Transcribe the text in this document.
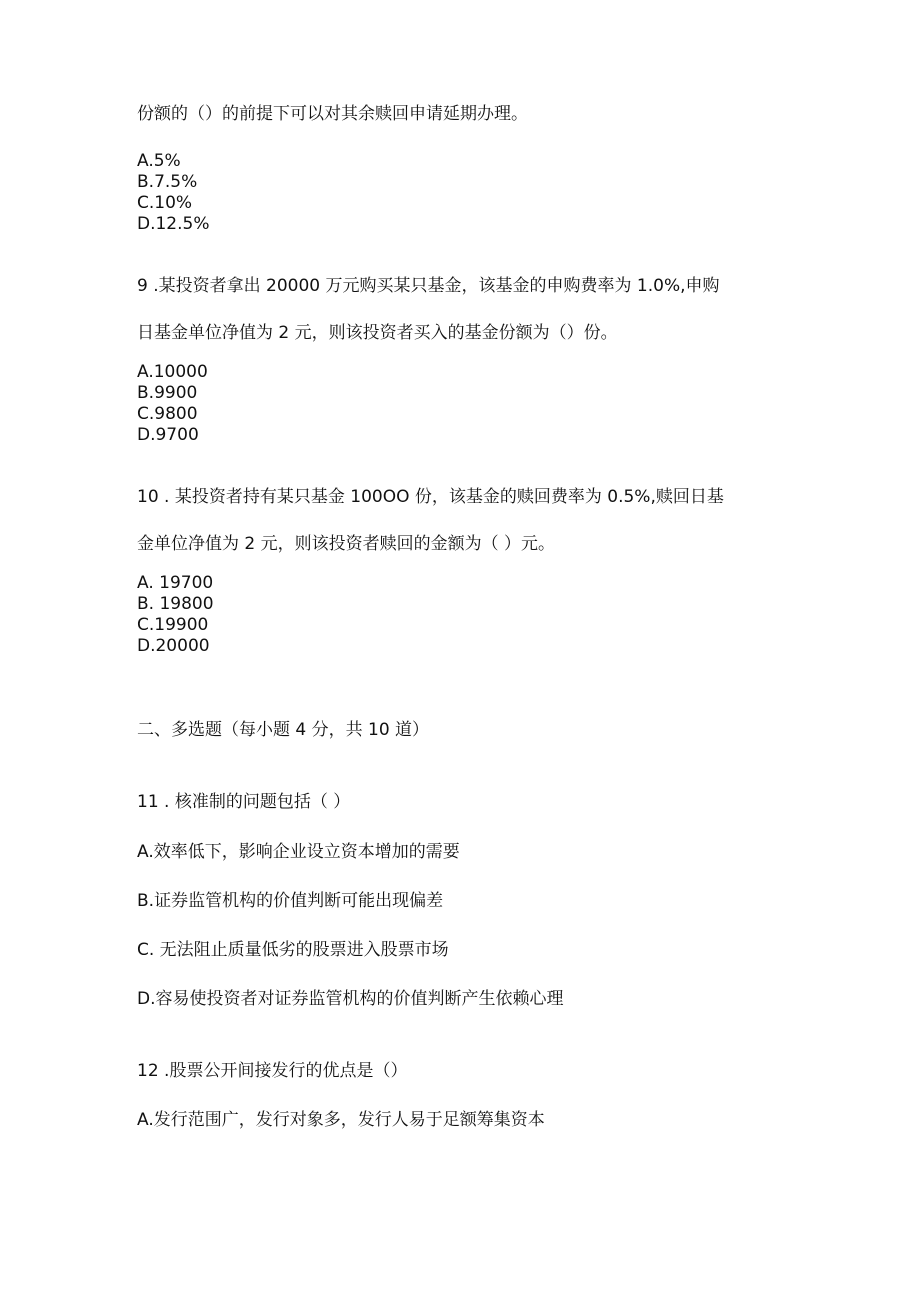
份额的（）的前提下可以对其余赎回申请延期办理。
A.5%
B.7.5%
C.10%
D.12.5%
9 .某投资者拿出 20000 万元购买某只基金，该基金的申购费率为 1.0%,申购
日基金单位净值为 2 元，则该投资者买入的基金份额为（）份。
A.10000
B.9900
C.9800
D.9700
10 . 某投资者持有某只基金 100OO 份，该基金的赎回费率为 0.5%,赎回日基
金单位净值为 2 元，则该投资者赎回的金额为（ ）元。
A. 19700
B. 19800
C.19900
D.20000
二、多选题（每小题 4 分，共 10 道）
11 . 核准制的问题包括（ ）
A.效率低下，影响企业设立资本增加的需要
B.证券监管机构的价值判断可能出现偏差
C. 无法阻止质量低劣的股票进入股票市场
D.容易使投资者对证券监管机构的价值判断产生依赖心理
12 .股票公开间接发行的优点是（）
A.发行范围广，发行对象多，发行人易于足额筹集资本
